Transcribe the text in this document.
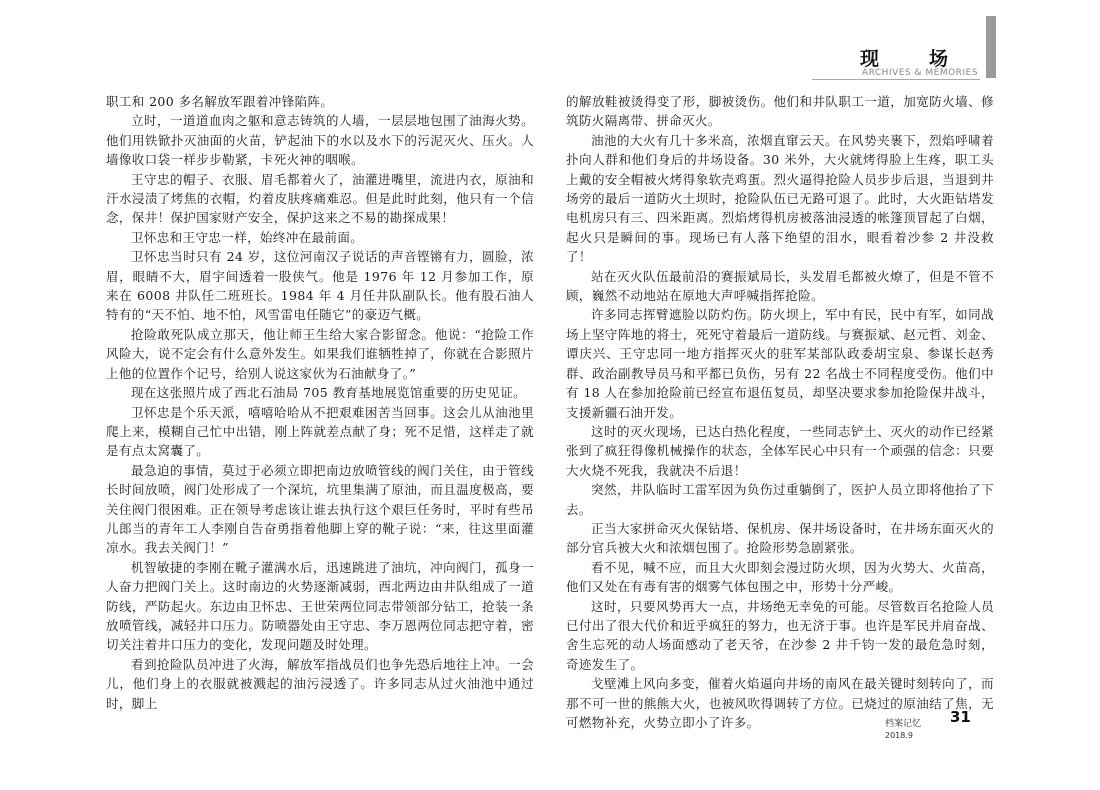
现	场
ARCHIVES & MEMORIES

职工和 200 多名解放军跟着冲锋陷阵。

立时，一道道血肉之躯和意志铸筑的人墙，一层层地包围了油海火势。他们用铁锨扑灭油面的火苗，铲起油下的水以及水下的污泥灭火、压火。人墙像收口袋一样步步勒紧，卡死火神的咽喉。

王守忠的帽子、衣服、眉毛都着火了，油灌进嘴里，流进内衣，原油和汗水浸渍了烤焦的衣帽，灼着皮肤疼痛难忍。但是此时此刻，他只有一个信念，保井！保护国家财产安全，保护这来之不易的勘探成果！

卫怀忠和王守忠一样，始终冲在最前面。

卫怀忠当时只有 24 岁，这位河南汉子说话的声音铿锵有力，圆脸，浓眉，眼睛不大，眉宇间透着一股侠气。他是 1976 年 12 月参加工作，原来在 6008 井队任二班班长。1984 年 4 月任井队副队长。他有股石油人特有的“天不怕、地不怕，风雪雷电任随它”的豪迈气概。

抢险敢死队成立那天，他让师王生给大家合影留念。他说：“抢险工作风险大，说不定会有什么意外发生。如果我们谁牺牲掉了，你就在合影照片上他的位置作个记号，给别人说这家伙为石油献身了。”

现在这张照片成了西北石油局 705 教育基地展览馆重要的历史见证。

卫怀忠是个乐天派，嘻嘻哈哈从不把艰难困苦当回事。这会儿从油池里爬上来，模糊自己忙中出错，刚上阵就差点献了身；死不足惜，这样走了就是有点太窝囊了。

最急迫的事情，莫过于必须立即把南边放喷管线的阀门关住，由于管线长时间放喷，阀门处形成了一个深坑，坑里集满了原油，而且温度极高，要关住阀门很困难。正在领导考虑该让谁去执行这个艰巨任务时，平时有些吊儿郎当的青年工人李刚自告奋勇指着他脚上穿的靴子说：“来，往这里面灌凉水。我去关阀门！”

机智敏捷的李刚在靴子灌满水后，迅速跳进了油坑，冲向阀门，孤身一人奋力把阀门关上。这时南边的火势逐渐减弱，西北两边由井队组成了一道防线，严防起火。东边由卫怀忠、王世荣两位同志带领部分钻工，抢装一条放喷管线，减轻井口压力。防喷器处由王守忠、李万恩两位同志把守着，密切关注着井口压力的变化，发现问题及时处理。

看到抢险队员冲进了火海，解放军指战员们也争先恐后地往上冲。一会儿，他们身上的衣服就被溅起的油污浸透了。许多同志从过火油池中通过时，脚上

的解放鞋被烫得变了形，脚被烫伤。他们和井队职工一道，加宽防火墙、修筑防火隔离带、拼命灭火。

油池的大火有几十多米高，浓烟直窜云天。在风势夹裹下，烈焰呼啸着扑向人群和他们身后的井场设备。30 米外，大火就烤得脸上生疼，职工头上戴的安全帽被火烤得象软壳鸡蛋。烈火逼得抢险人员步步后退，当退到井场旁的最后一道防火土坝时，抢险队伍已无路可退了。此时，大火距钻塔发电机房只有三、四米距离。烈焰烤得机房被落油浸透的帐篷顶冒起了白烟，起火只是瞬间的事。现场已有人落下绝望的泪水，眼看着沙参 2 井没救了！

站在灭火队伍最前沿的赛振斌局长，头发眉毛都被火燎了，但是不管不顾，巍然不动地站在原地大声呼喊指挥抢险。

许多同志挥臂遮脸以防灼伤。防火坝上，军中有民，民中有军，如同战场上坚守阵地的将士，死死守着最后一道防线。与赛振斌、赵元哲、刘金、谭庆兴、王守忠同一地方指挥灭火的驻军某部队政委胡宝泉、参谋长赵秀群、政治副教导员马和平都已负伤，另有 22 名战士不同程度受伤。他们中有 18 人在参加抢险前已经宣布退伍复员，却坚决要求参加抢险保井战斗，支援新疆石油开发。

这时的灭火现场，已达白热化程度，一些同志铲土、灭火的动作已经紧张到了疯狂得像机械操作的状态，全体军民心中只有一个顽强的信念：只要大火烧不死我，我就决不后退！

突然，井队临时工雷军因为负伤过重躺倒了，医护人员立即将他抬了下去。

正当大家拼命灭火保钻塔、保机房、保井场设备时，在井场东面灭火的部分官兵被大火和浓烟包围了。抢险形势急剧紧张。

看不见，喊不应，而且大火即刻会漫过防火坝，因为火势大、火苗高，他们又处在有毒有害的烟雾气体包围之中，形势十分严峻。

这时，只要风势再大一点，井场绝无幸免的可能。尽管数百名抢险人员已付出了很大代价和近乎疯狂的努力，也无济于事。也许是军民并肩奋战、舍生忘死的动人场面感动了老天爷，在沙参 2 井千钧一发的最危急时刻，奇迹发生了。

戈壁滩上风向多变，催着火焰逼向井场的南风在最关键时刻转向了，而那不可一世的熊熊大火，也被风吹得调转了方位。已烧过的原油结了焦，无可燃物补充，火势立即小了许多。	档案记忆 31
2018.9
